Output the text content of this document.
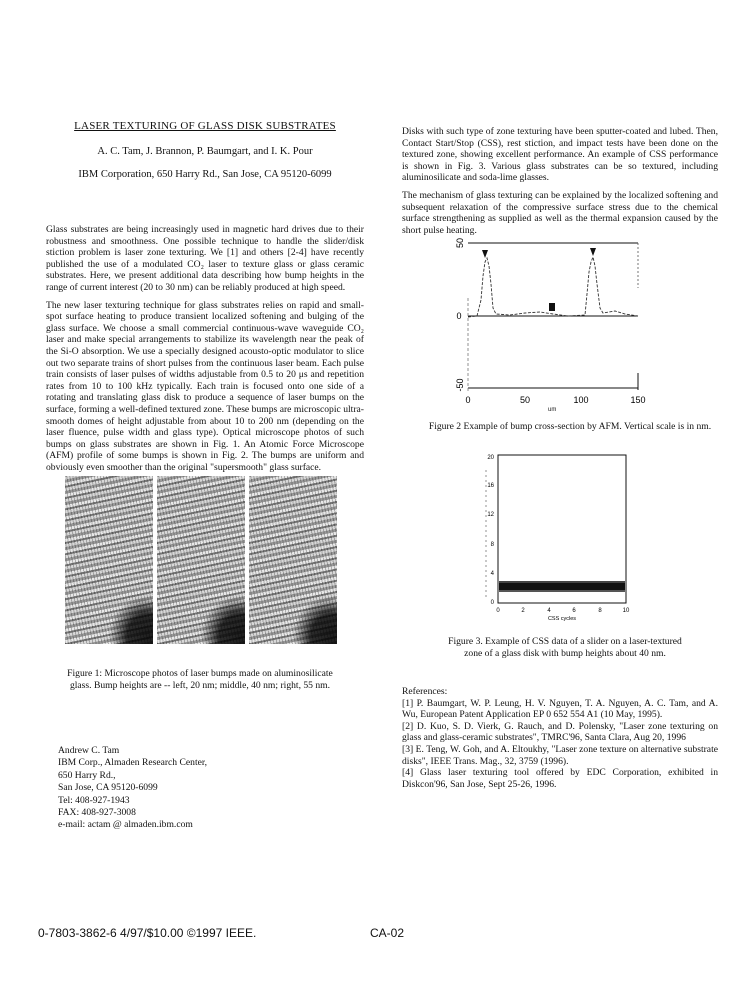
LASER TEXTURING OF GLASS DISK SUBSTRATES
A. C. Tam, J. Brannon, P. Baumgart, and I. K. Pour
IBM Corporation, 650 Harry Rd., San Jose, CA 95120-6099

Glass substrates are being increasingly used in magnetic hard drives due to their robustness and smoothness. One possible technique to handle the slider/disk stiction problem is laser zone texturing. We [1] and others [2-4] have recently published the use of a modulated CO₂ laser to texture glass or glass ceramic substrates. Here, we present additional data describing how bump heights in the range of current interest (20 to 30 nm) can be reliably produced at high speed.

The new laser texturing technique for glass substrates relies on rapid and small-spot surface heating to produce transient localized softening and bulging of the glass surface. We choose a small commercial continuous-wave waveguide CO₂ laser and make special arrangements to stabilize its wavelength near the peak of the Si-O absorption. We use a specially designed acousto-optic modulator to slice out two separate trains of short pulses from the continuous laser beam. Each pulse train consists of laser pulses of widths adjustable from 0.5 to 20 μs and repetition rates from 10 to 100 kHz typically. Each train is focused onto one side of a rotating and translating glass disk to produce a sequence of laser bumps on the surface, forming a well-defined textured zone. These bumps are microscopic ultra-smooth domes of height adjustable from about 10 to 200 nm (depending on the laser fluence, pulse width and glass type). Optical microscope photos of such bumps on glass substrates are shown in Fig. 1. An Atomic Force Microscope (AFM) profile of some bumps is shown in Fig. 2. The bumps are uniform and obviously even smoother than the original "supersmooth" glass surface.

Figure 1: Microscope photos of laser bumps made on aluminosilicate
glass. Bump heights are -- left, 20 nm; middle, 40 nm; right, 55 nm.
Andrew C. Tam
IBM Corp., Almaden Research Center,
650 Harry Rd.,
San Jose, CA 95120-6099
Tel: 408-927-1943
FAX: 408-927-3008
e-mail: actam @ almaden.ibm.com

Disks with such type of zone texturing have been sputter-coated and lubed. Then, Contact Start/Stop (CSS), rest stiction, and impact tests have been done on the textured zone, showing excellent performance. An example of CSS performance is shown in Fig. 3. Various glass substrates can be so textured, including aluminosilicate and soda-lime glasses.

The mechanism of glass texturing can be explained by the localized softening and subsequent relaxation of the compressive surface stress due to the chemical surface strengthening as supplied as well as the thermal expansion caused by the short pulse heating.

50
0
-50
0	50	100	150
um
Figure 2 Example of bump cross-section by AFM. Vertical scale is in nm.
20
16
12
8
4
0
0	2	4	6	8	10
CSS cycles
Figure 3. Example of CSS data of a slider on a laser-textured
zone of a glass disk with bump heights about 40 nm.

References:

[1] P. Baumgart, W. P. Leung, H. V. Nguyen, T. A. Nguyen, A. C. Tam, and A. Wu, European Patent Application EP 0 652 554 A1 (10 May, 1995).

[2] D. Kuo, S. D. Vierk, G. Rauch, and D. Polensky, "Laser zone texturing on glass and glass-ceramic substrates", TMRC'96, Santa Clara, Aug 20, 1996

[3] E. Teng, W. Goh, and A. Eltoukhy, "Laser zone texture on alternative substrate disks", IEEE Trans. Mag., 32, 3759 (1996).

[4] Glass laser texturing tool offered by EDC Corporation, exhibited in Diskcon'96, San Jose, Sept 25-26, 1996.

0-7803-3862-6 4/97/$10.00 ©1997 IEEE.	CA-02
